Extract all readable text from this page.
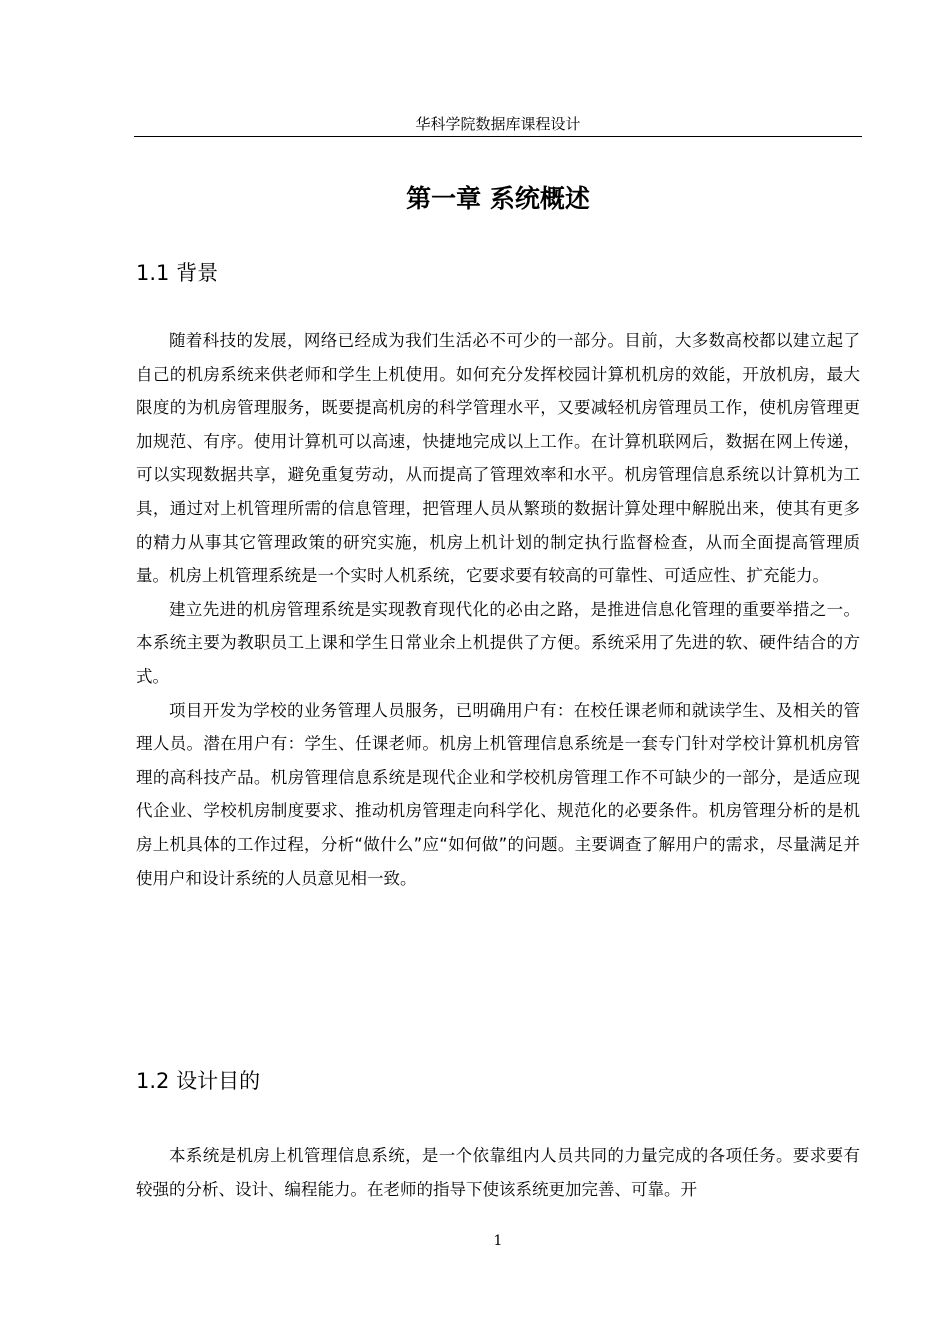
华科学院数据库课程设计
第一章 系统概述
1.1 背景

随着科技的发展，网络已经成为我们生活必不可少的一部分。目前，大多数高校都以建立起了自己的机房系统来供老师和学生上机使用。如何充分发挥校园计算机机房的效能，开放机房，最大限度的为机房管理服务，既要提高机房的科学管理水平，又要减轻机房管理员工作，使机房管理更加规范、有序。使用计算机可以高速，快捷地完成以上工作。在计算机联网后，数据在网上传递，可以实现数据共享，避免重复劳动，从而提高了管理效率和水平。机房管理信息系统以计算机为工具，通过对上机管理所需的信息管理，把管理人员从繁琐的数据计算处理中解脱出来，使其有更多的精力从事其它管理政策的研究实施，机房上机计划的制定执行监督检查，从而全面提高管理质量。机房上机管理系统是一个实时人机系统，它要求要有较高的可靠性、可适应性、扩充能力。

建立先进的机房管理系统是实现教育现代化的必由之路，是推进信息化管理的重要举措之一。本系统主要为教职员工上课和学生日常业余上机提供了方便。系统采用了先进的软、硬件结合的方式。

项目开发为学校的业务管理人员服务，已明确用户有：在校任课老师和就读学生、及相关的管理人员。潜在用户有：学生、任课老师。机房上机管理信息系统是一套专门针对学校计算机机房管理的高科技产品。机房管理信息系统是现代企业和学校机房管理工作不可缺少的一部分，是适应现代企业、学校机房制度要求、推动机房管理走向科学化、规范化的必要条件。机房管理分析的是机房上机具体的工作过程，分析“做什么”应“如何做”的问题。主要调查了解用户的需求，尽量满足并使用户和设计系统的人员意见相一致。

1.2 设计目的

本系统是机房上机管理信息系统，是一个依靠组内人员共同的力量完成的各项任务。要求要有较强的分析、设计、编程能力。在老师的指导下使该系统更加完善、可靠。开

1
